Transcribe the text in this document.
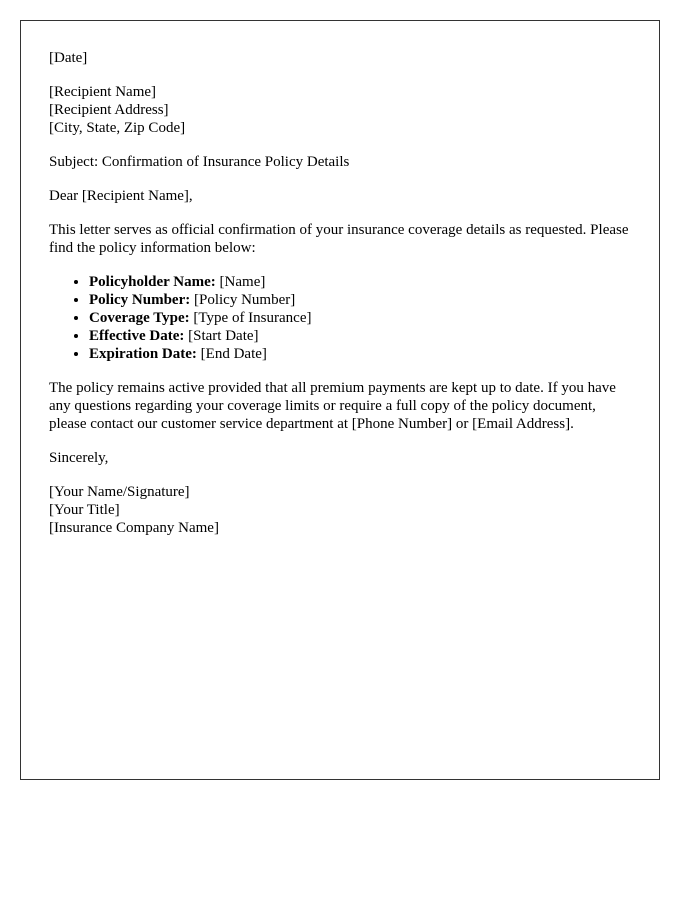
[Date]
[Recipient Name]
[Recipient Address]
[City, State, Zip Code]
Subject: Confirmation of Insurance Policy Details
Dear [Recipient Name],
This letter serves as official confirmation of your insurance coverage details as requested. Please find the policy information below:
• Policyholder Name: [Name]
• Policy Number: [Policy Number]
• Coverage Type: [Type of Insurance]
• Effective Date: [Start Date]
• Expiration Date: [End Date]
The policy remains active provided that all premium payments are kept up to date. If you have any questions regarding your coverage limits or require a full copy of the policy document, please contact our customer service department at [Phone Number] or [Email Address].
Sincerely,
[Your Name/Signature]
[Your Title]
[Insurance Company Name]
